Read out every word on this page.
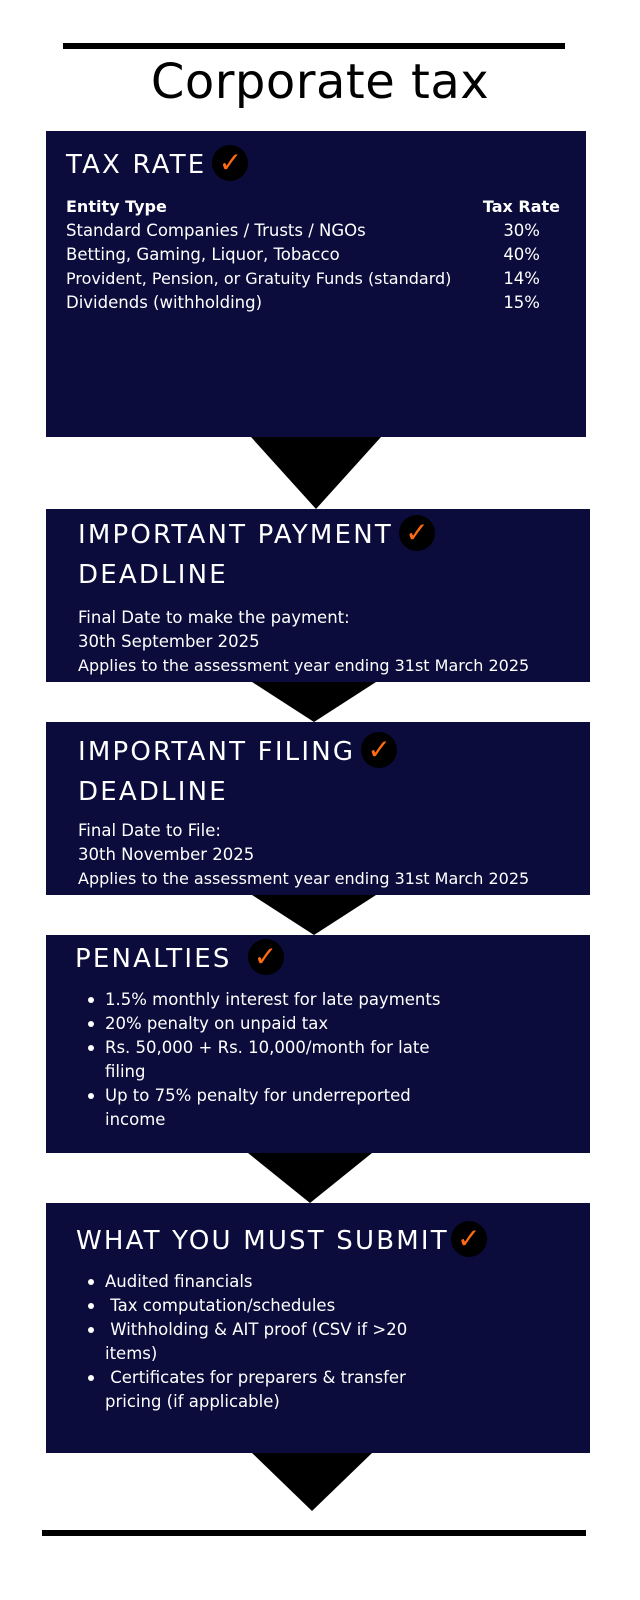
Corporate tax
TAX RATE ✓
Entity Type	Tax Rate
Standard Companies / Trusts / NGOs	30%
Betting, Gaming, Liquor, Tobacco	40%
Provident, Pension, or Gratuity Funds (standard)	14%
Dividends (withholding)	15%
IMPORTANT PAYMENT ✓
DEADLINE
Final Date to make the payment:
30th September 2025
Applies to the assessment year ending 31st March 2025
IMPORTANT FILING ✓
DEADLINE
Final Date to File:
30th November 2025
Applies to the assessment year ending 31st March 2025
PENALTIES ✓
1.5% monthly interest for late payments
20% penalty on unpaid tax
Rs. 50,000 + Rs. 10,000/month for late filing
Up to 75% penalty for underreported income
WHAT YOU MUST SUBMIT ✓
Audited financials
Tax computation/schedules
Withholding & AIT proof (CSV if >20 items)
Certificates for preparers & transfer pricing (if applicable)
